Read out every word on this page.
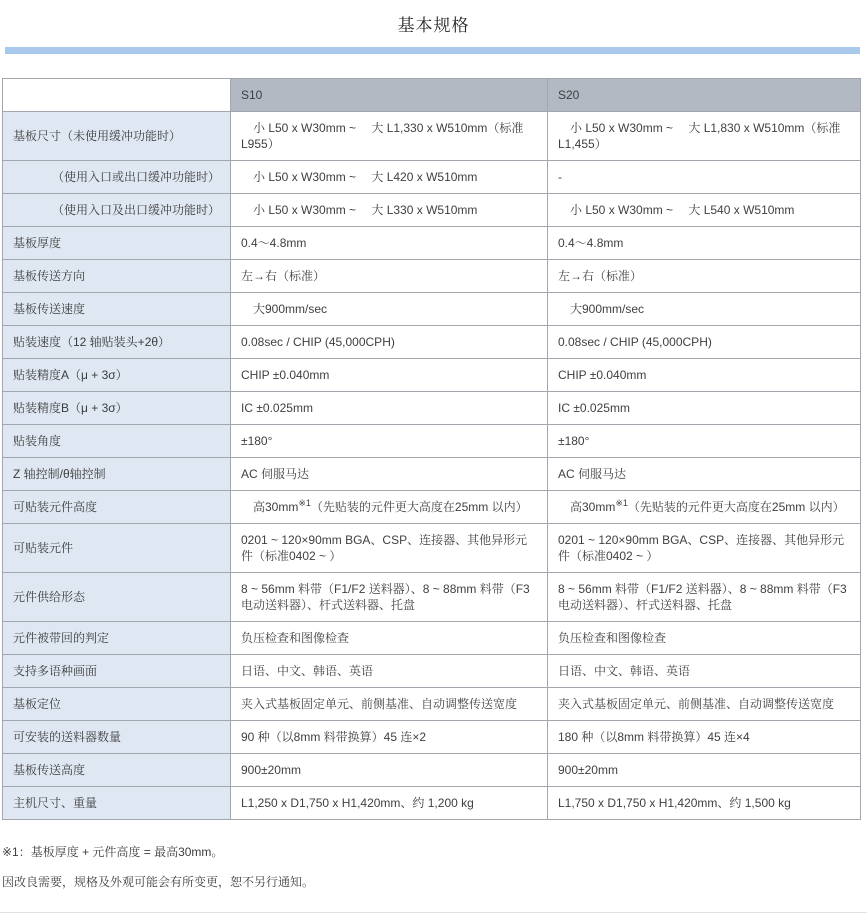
基本规格
	S10	S20
基板尺寸（未使用缓冲功能时）	　小 L50 x W30mm ~　 大 L1,330 x W510mm（标准L955）	　小 L50 x W30mm ~　 大 L1,830 x W510mm（标准L1,455）
（使用入口或出口缓冲功能时）	　小 L50 x W30mm ~　 大 L420 x W510mm	-
（使用入口及出口缓冲功能时）	　小 L50 x W30mm ~　 大 L330 x W510mm	　小 L50 x W30mm ~　 大 L540 x W510mm
基板厚度	0.4〜4.8mm	0.4〜4.8mm
基板传送方向	左→右（标准）	左→右（标准）
基板传送速度	　大900mm/sec	　大900mm/sec
贴装速度（12 轴贴装头+2θ）	0.08sec / CHIP (45,000CPH)	0.08sec / CHIP (45,000CPH)
贴装精度A（μ + 3σ）	CHIP ±0.040mm	CHIP ±0.040mm
贴装精度B（μ + 3σ）	IC ±0.025mm	IC ±0.025mm
贴装角度	±180°	±180°
Z 轴控制/θ轴控制	AC 伺服马达	AC 伺服马达
可贴装元件高度	　高30mm$^{※1}$（先贴装的元件更大高度在25mm 以内）	　高30mm$^{※1}$（先贴装的元件更大高度在25mm 以内）
可贴装元件	0201 ~ 120×90mm BGA、CSP、连接器、其他异形元件（标准0402 ~ ）	0201 ~ 120×90mm BGA、CSP、连接器、其他异形元件（标准0402 ~ ）
元件供给形态	8 ~ 56mm 料带（F1/F2 送料器）、8 ~ 88mm 料带（F3 电动送料器）、杆式送料器、托盘	8 ~ 56mm 料带（F1/F2 送料器）、8 ~ 88mm 料带（F3 电动送料器）、杆式送料器、托盘
元件被带回的判定	负压检查和图像检查	负压检查和图像检查
支持多语种画面	日语、中文、韩语、英语	日语、中文、韩语、英语
基板定位	夹入式基板固定单元、前侧基准、自动调整传送宽度	夹入式基板固定单元、前侧基准、自动调整传送宽度
可安装的送料器数量	90 种（以8mm 料带换算）45 连×2	180 种（以8mm 料带换算）45 连×4
基板传送高度	900±20mm	900±20mm
主机尺寸、重量	L1,250 x D1,750 x H1,420mm、约 1,200 kg	L1,750 x D1,750 x H1,420mm、约 1,500 kg
※1：基板厚度 + 元件高度 = 最高30mm。
因改良需要，规格及外观可能会有所变更，恕不另行通知。
